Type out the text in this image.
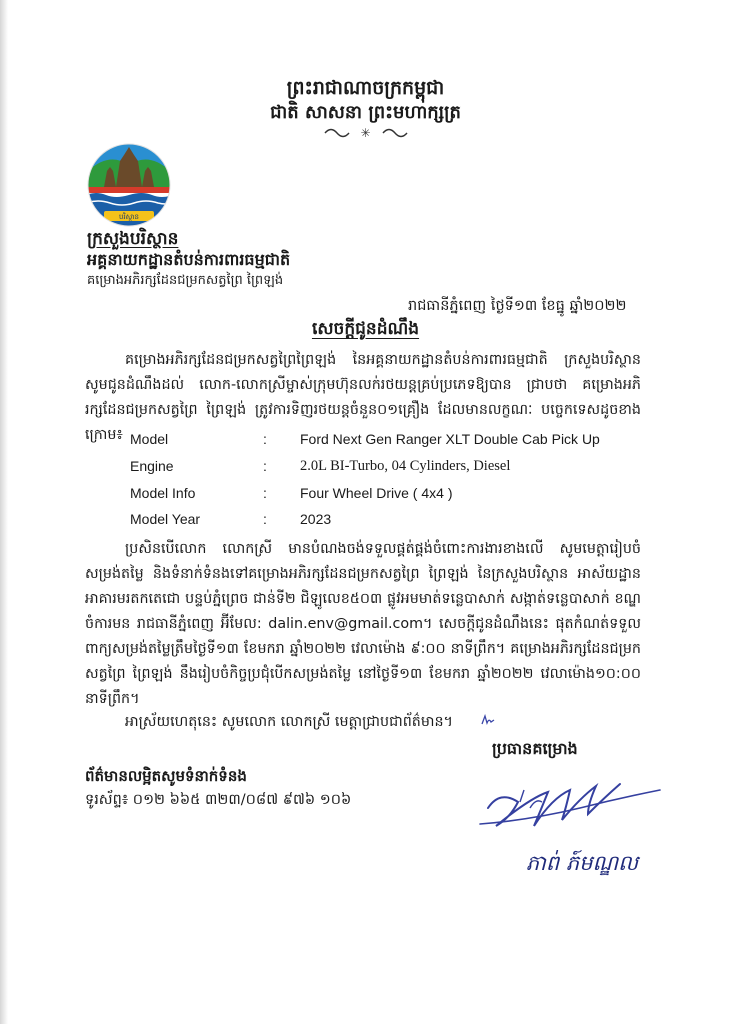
ព្រះរាជាណាចក្រកម្ពុជា
ជាតិ សាសនា ព្រះមហាក្សត្រ
✳
បរិស្ថាន
ក្រសួងបរិស្ថាន
អគ្គនាយកដ្ឋានតំបន់ការពារធម្មជាតិ
គម្រោងអភិរក្សដែនជម្រកសត្វព្រៃ ព្រៃឡង់
រាជធានីភ្នំពេញ ថ្ងៃទី១៣ ខែធ្នូ ឆ្នាំ២០២២
សេចក្តីជូនដំណឹង
គម្រោងអភិរក្សដែនជម្រកសត្វព្រៃព្រៃឡង់ នៃអគ្គនាយកដ្ឋានតំបន់ការពារធម្មជាតិ ក្រសួងបរិស្ថាន សូមជូនដំណឹងដល់ លោក-លោកស្រីម្ចាស់ក្រុមហ៊ុនលក់រថយន្តគ្រប់ប្រភេទឱ្យបាន ជ្រាបថា គម្រោងអភិរក្សដែនជម្រកសត្វព្រៃ ព្រៃឡង់ ត្រូវការទិញរថយន្តចំនួន០១គ្រឿង ដែលមានលក្ខណៈ បច្ចេកទេសដូចខាងក្រោម៖ Model	: Ford Next Gen Ranger XLT Double Cab Pick Up
Engine	: 2.0L BI-Turbo, 04 Cylinders, Diesel
Model Info	: Four Wheel Drive ( 4x4 )
Model Year	: 2023
ប្រសិនបើលោក លោកស្រី មានបំណងចង់ទទួលផ្គត់ផ្គង់ចំពោះការងារខាងលើ សូមមេត្តារៀបចំសម្រង់តម្លៃ និងទំនាក់ទំនងទៅគម្រោងអភិរក្សដែនជម្រកសត្វព្រៃ ព្រៃឡង់ នៃក្រសួងបរិស្ថាន អាស័យដ្ឋាន អាគារមរតកតេជោ បន្ទប់ភ្នំព្រេច ជាន់ទី២ ជិឡូលេខ៥០៣ ផ្លូវអមមាត់ទន្លេបាសាក់ សង្កាត់ទន្លេបាសាក់ ខណ្ឌចំការមន រាជធានីភ្នំពេញ អ៊ីមែល: dalin.env@gmail.com។ សេចក្តីជូនដំណឹងនេះ ផុតកំណត់ទទួលពាក្យសម្រង់តម្លៃត្រឹមថ្ងៃទី១៣ ខែមករា ឆ្នាំ២០២២ វេលាម៉ោង ៩:០០ នាទីព្រឹក។ គម្រោងអភិរក្សដែនជម្រកសត្វព្រៃ ព្រៃឡង់ នឹងរៀបចំកិច្ចប្រជុំបើកសម្រង់តម្លៃ នៅថ្ងៃទី១៣ ខែមករា ឆ្នាំ២០២២ វេលាម៉ោង១០:០០ នាទីព្រឹក។
អាស្រ័យហេតុនេះ សូមលោក លោកស្រី មេត្តាជ្រាបជាព័ត៌មាន។
ប្រធានគម្រោង
ព័ត៌មានលម្អិតសូមទំនាក់ទំនង
ទូរស័ព្ទ៖ ០១២ ៦៦៥ ៣២៣/០៨៧ ៩៧៦ ១០៦
ភាព់ ភ៍មណ្ឌល
